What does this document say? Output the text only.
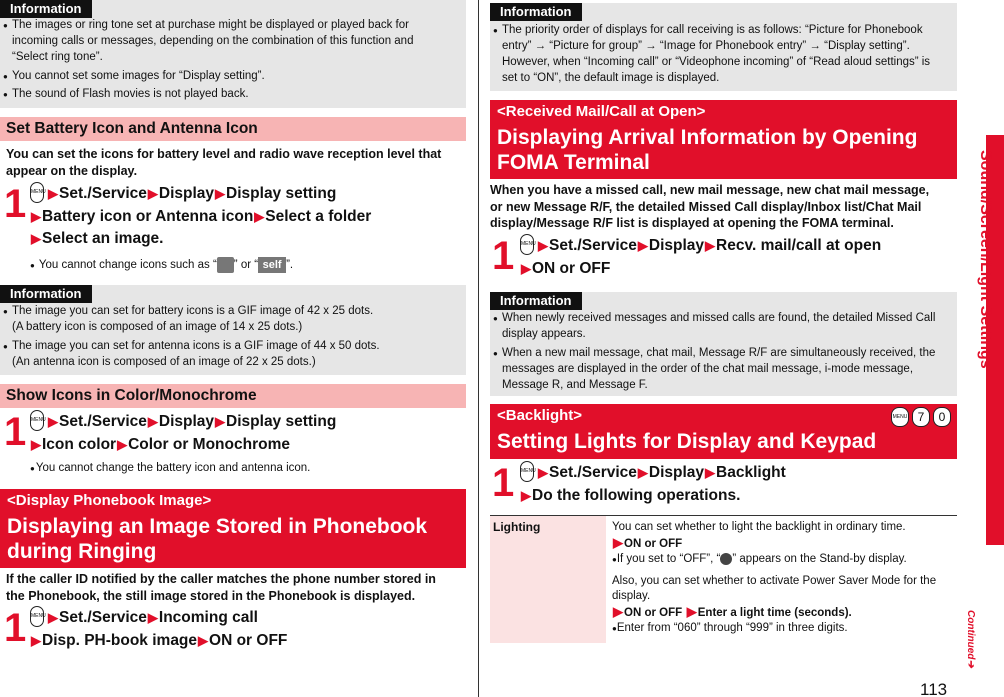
Information
● The images or ring tone set at purchase might be displayed or played back for
incoming calls or messages, depending on the combination of this function and
“Select ring tone”.
● You cannot set some images for “Display setting”.
● The sound of Flash movies is not played back.
Set Battery Icon and Antenna Icon
You can set the icons for battery level and radio wave reception level that
appear on the display.
1 MENU ▶Set./Service▶Display▶Display setting
▶Battery icon or Antenna icon▶Select a folder
▶Select an image.
● You cannot change icons such as “ ” or “ self ”.
Information
● The image you can set for battery icons is a GIF image of 42 x 25 dots.
(A battery icon is composed of an image of 14 x 25 dots.)
● The image you can set for antenna icons is a GIF image of 44 x 50 dots.
(An antenna icon is composed of an image of 22 x 25 dots.)
Show Icons in Color/Monochrome
1 MENU ▶Set./Service▶Display▶Display setting
▶Icon color▶Color or Monochrome
● You cannot change the battery icon and antenna icon.
<Display Phonebook Image>
Displaying an Image Stored in Phonebook
during Ringing
If the caller ID notified by the caller matches the phone number stored in
the Phonebook, the still image stored in the Phonebook is displayed.
1 MENU ▶Set./Service▶Incoming call
▶Disp. PH-book image▶ON or OFF
Information
● The priority order of displays for call receiving is as follows: “Picture for Phonebook
entry” → “Picture for group” → “Image for Phonebook entry” → “Display setting”.
However, when “Incoming call” or “Videophone incoming” of “Read aloud settings” is
set to “ON”, the default image is displayed.
<Received Mail/Call at Open>
Displaying Arrival Information by Opening
FOMA Terminal
When you have a missed call, new mail message, new chat mail message,
or new Message R/F, the detailed Missed Call display/Inbox list/Chat Mail
display/Message R/F list is displayed at opening the FOMA terminal.
1 MENU ▶Set./Service▶Display▶Recv. mail/call at open
▶ON or OFF
Information
● When newly received messages and missed calls are found, the detailed Missed Call
display appears.
● When a new mail message, chat mail, Message R/F are simultaneously received, the
messages are displayed in the order of the chat mail message, i-mode message,
Message R, and Message F.
<Backlight>
Setting Lights for Display and Keypad
MENU 7	0
1 MENU ▶Set./Service▶Display▶Backlight
▶Do the following operations.
Lighting	You can set whether to light the backlight in ordinary time.
▶ON or OFF
●If you set to “OFF”, “ ” appears on the Stand-by display.
Also, you can set whether to activate Power Saver Mode for the
display.
▶ON or OFF ▶Enter a light time (seconds).
●Enter from “060” through “999” in three digits.
Sound/Screen/Light Settings
Continued➔
113
